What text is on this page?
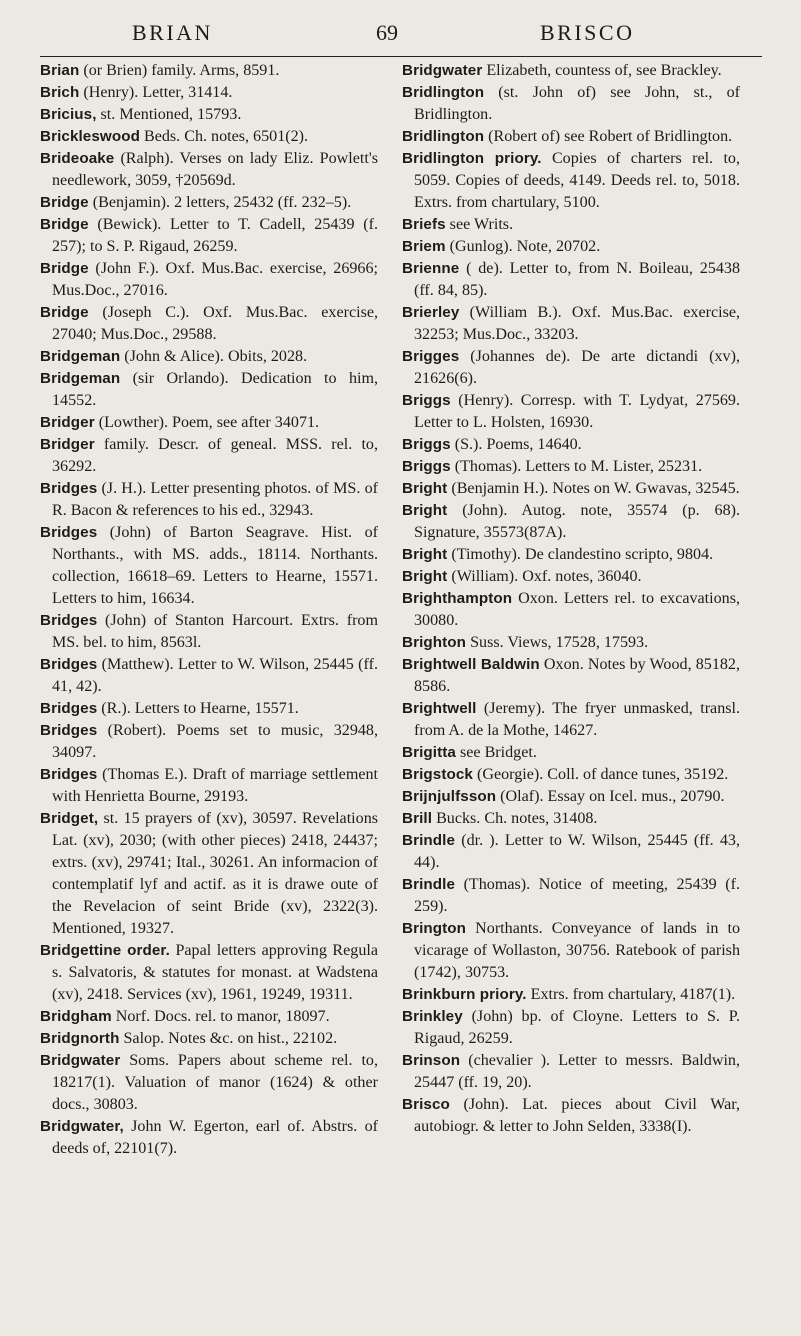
BRIAN	69	BRISCO

Brian (or Brien) family. Arms, 8591.

Brich (Henry). Letter, 31414.

Bricius, st. Mentioned, 15793.

Brickleswood Beds. Ch. notes, 6501(2).

Brideoake (Ralph). Verses on lady Eliz. Powlett's needlework, 3059, †20569d.

Bridge (Benjamin). 2 letters, 25432 (ff. 232–5).

Bridge (Bewick). Letter to T. Cadell, 25439 (f. 257); to S. P. Rigaud, 26259.

Bridge (John F.). Oxf. Mus.Bac. exercise, 26966; Mus.Doc., 27016.

Bridge (Joseph C.). Oxf. Mus.Bac. exercise, 27040; Mus.Doc., 29588.

Bridgeman (John & Alice). Obits, 2028.

Bridgeman (sir Orlando). Dedication to him, 14552.

Bridger (Lowther). Poem, see after 34071.

Bridger family. Descr. of geneal. MSS. rel. to, 36292.

Bridges (J. H.). Letter presenting photos. of MS. of R. Bacon & references to his ed., 32943.

Bridges (John) of Barton Seagrave. Hist. of Northants., with MS. adds., 18114. Northants. collection, 16618–69. Letters to Hearne, 15571. Letters to him, 16634.

Bridges (John) of Stanton Harcourt. Extrs. from MS. bel. to him, 8563l.

Bridges (Matthew). Letter to W. Wilson, 25445 (ff. 41, 42).

Bridges (R.). Letters to Hearne, 15571.

Bridges (Robert). Poems set to music, 32948, 34097.

Bridges (Thomas E.). Draft of marriage settlement with Henrietta Bourne, 29193.

Bridget, st. 15 prayers of (xv), 30597. Revelations Lat. (xv), 2030; (with other pieces) 2418, 24437; extrs. (xv), 29741; Ital., 30261. An informacion of contemplatif lyf and actif. as it is drawe oute of the Revelacion of seint Bride (xv), 2322(3). Mentioned, 19327.

Bridgettine order. Papal letters approving Regula s. Salvatoris, & statutes for monast. at Wadstena (xv), 2418. Services (xv), 1961, 19249, 19311.

Bridgham Norf. Docs. rel. to manor, 18097.

Bridgnorth Salop. Notes &c. on hist., 22102.

Bridgwater Soms. Papers about scheme rel. to, 18217(1). Valuation of manor (1624) & other docs., 30803.

Bridgwater, John W. Egerton, earl of. Abstrs. of deeds of, 22101(7).

Bridgwater Elizabeth, countess of, see Brackley.

Bridlington (st. John of) see John, st., of Bridlington.

Bridlington (Robert of) see Robert of Bridlington.

Bridlington priory. Copies of charters rel. to, 5059. Copies of deeds, 4149. Deeds rel. to, 5018. Extrs. from chartulary, 5100.

Briefs see Writs.

Briem (Gunlog). Note, 20702.

Brienne ( de). Letter to, from N. Boileau, 25438 (ff. 84, 85).

Brierley (William B.). Oxf. Mus.Bac. exercise, 32253; Mus.Doc., 33203.

Brigges (Johannes de). De arte dictandi (xv), 21626(6).

Briggs (Henry). Corresp. with T. Lydyat, 27569. Letter to L. Holsten, 16930.

Briggs (S.). Poems, 14640.

Briggs (Thomas). Letters to M. Lister, 25231.

Bright (Benjamin H.). Notes on W. Gwavas, 32545.

Bright (John). Autog. note, 35574 (p. 68). Signature, 35573(87A).

Bright (Timothy). De clandestino scripto, 9804.

Bright (William). Oxf. notes, 36040.

Brighthampton Oxon. Letters rel. to excavations, 30080.

Brighton Suss. Views, 17528, 17593.

Brightwell Baldwin Oxon. Notes by Wood, 85182, 8586.

Brightwell (Jeremy). The fryer unmasked, transl. from A. de la Mothe, 14627.

Brigitta see Bridget.

Brigstock (Georgie). Coll. of dance tunes, 35192.

Brijnjulfsson (Olaf). Essay on Icel. mus., 20790.

Brill Bucks. Ch. notes, 31408.

Brindle (dr. ). Letter to W. Wilson, 25445 (ff. 43, 44).

Brindle (Thomas). Notice of meeting, 25439 (f. 259).

Brington Northants. Conveyance of lands in to vicarage of Wollaston, 30756. Ratebook of parish (1742), 30753.

Brinkburn priory. Extrs. from chartulary, 4187(1).

Brinkley (John) bp. of Cloyne. Letters to S. P. Rigaud, 26259.

Brinson (chevalier ). Letter to messrs. Baldwin, 25447 (ff. 19, 20).

Brisco (John). Lat. pieces about Civil War, autobiogr. & letter to John Selden, 3338(I).
